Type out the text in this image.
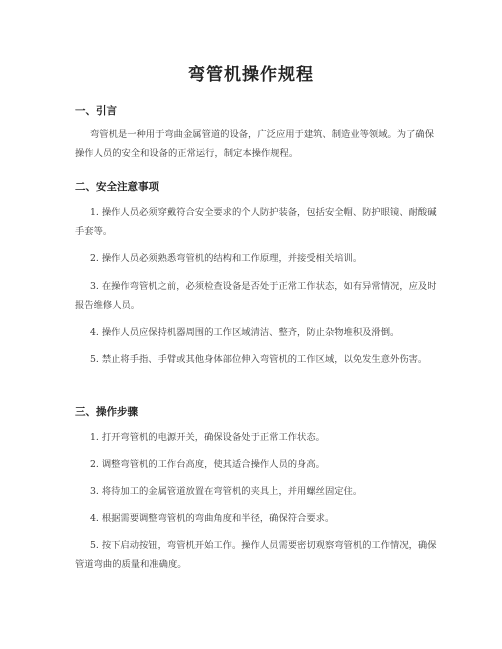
弯管机操作规程
一、引言

弯管机是一种用于弯曲金属管道的设备，广泛应用于建筑、制造业等领域。为了确保操作人员的安全和设备的正常运行，制定本操作规程。

二、安全注意事项

1. 操作人员必须穿戴符合安全要求的个人防护装备，包括安全帽、防护眼镜、耐酸碱手套等。

2. 操作人员必须熟悉弯管机的结构和工作原理，并接受相关培训。

3. 在操作弯管机之前，必须检查设备是否处于正常工作状态，如有异常情况，应及时报告维修人员。

4. 操作人员应保持机器周围的工作区域清洁、整齐，防止杂物堆积及滑倒。

5. 禁止将手指、手臂或其他身体部位伸入弯管机的工作区域，以免发生意外伤害。

三、操作步骤

1. 打开弯管机的电源开关，确保设备处于正常工作状态。

2. 调整弯管机的工作台高度，使其适合操作人员的身高。

3. 将待加工的金属管道放置在弯管机的夹具上，并用螺丝固定住。

4. 根据需要调整弯管机的弯曲角度和半径，确保符合要求。

5. 按下启动按钮，弯管机开始工作。操作人员需要密切观察弯管机的工作情况，确保管道弯曲的质量和准确度。
